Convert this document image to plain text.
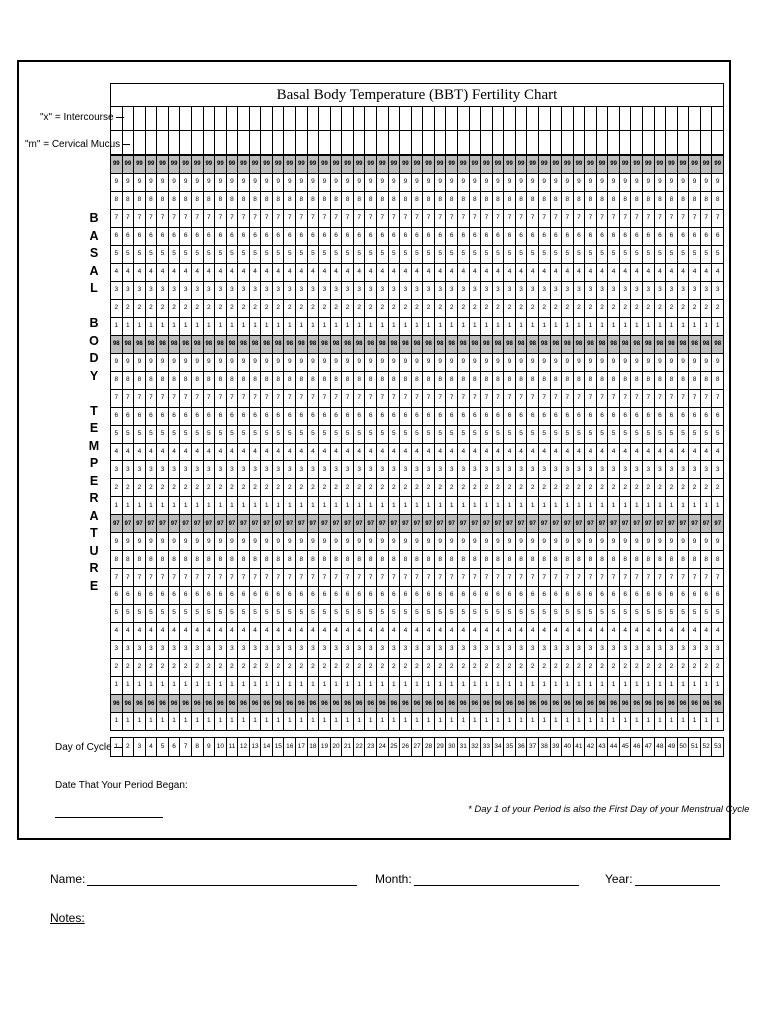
Basal Body Temperature (BBT) Fertility Chart
"x" = Intercourse
"m" = Cervical Mucus
B
A
S
A
L
B
O
D
Y
T
E
M
P
E
R
A
T
U
R
E
99 99 99 99 99 99 99 99 99 99 99 99 99 99 99 99 99 99 99 99 99 99 99 99 99 99 99 99 99 99 99 99 99 99 99 99 99 99 99 99 99 99 99 99 99 99 99 99 99 99 99 99 99
9	9	9	9	9	9	9	9	9	9	9	9	9	9	9	9	9	9	9	9	9	9	9	9	9	9	9	9	9	9	9	9	9	9	9	9	9	9	9	9	9	9	9	9	9	9	9	9	9	9	9	9	9
8	8	8	8	8	8	8	8	8	8	8	8	8	8	8	8	8	8	8	8	8	8	8	8	8	8	8	8	8	8	8	8	8	8	8	8	8	8	8	8	8	8	8	8	8	8	8	8	8	8	8	8	8
7	7	7	7	7	7	7	7	7	7	7	7	7	7	7	7	7	7	7	7	7	7	7	7	7	7	7	7	7	7	7	7	7	7	7	7	7	7	7	7	7	7	7	7	7	7	7	7	7	7	7	7	7
6	6	6	6	6	6	6	6	6	6	6	6	6	6	6	6	6	6	6	6	6	6	6	6	6	6	6	6	6	6	6	6	6	6	6	6	6	6	6	6	6	6	6	6	6	6	6	6	6	6	6	6	6
5	5	5	5	5	5	5	5	5	5	5	5	5	5	5	5	5	5	5	5	5	5	5	5	5	5	5	5	5	5	5	5	5	5	5	5	5	5	5	5	5	5	5	5	5	5	5	5	5	5	5	5	5
4	4	4	4	4	4	4	4	4	4	4	4	4	4	4	4	4	4	4	4	4	4	4	4	4	4	4	4	4	4	4	4	4	4	4	4	4	4	4	4	4	4	4	4	4	4	4	4	4	4	4	4	4
3	3	3	3	3	3	3	3	3	3	3	3	3	3	3	3	3	3	3	3	3	3	3	3	3	3	3	3	3	3	3	3	3	3	3	3	3	3	3	3	3	3	3	3	3	3	3	3	3	3	3	3	3
2	2	2	2	2	2	2	2	2	2	2	2	2	2	2	2	2	2	2	2	2	2	2	2	2	2	2	2	2	2	2	2	2	2	2	2	2	2	2	2	2	2	2	2	2	2	2	2	2	2	2	2	2
1	1	1	1	1	1	1	1	1	1	1	1	1	1	1	1	1	1	1	1	1	1	1	1	1	1	1	1	1	1	1	1	1	1	1	1	1	1	1	1	1	1	1	1	1	1	1	1	1	1	1	1	1
98 98 98 98 98 98 98 98 98 98 98 98 98 98 98 98 98 98 98 98 98 98 98 98 98 98 98 98 98 98 98 98 98 98 98 98 98 98 98 98 98 98 98 98 98 98 98 98 98 98 98 98 98
9	9	9	9	9	9	9	9	9	9	9	9	9	9	9	9	9	9	9	9	9	9	9	9	9	9	9	9	9	9	9	9	9	9	9	9	9	9	9	9	9	9	9	9	9	9	9	9	9	9	9	9	9
8	8	8	8	8	8	8	8	8	8	8	8	8	8	8	8	8	8	8	8	8	8	8	8	8	8	8	8	8	8	8	8	8	8	8	8	8	8	8	8	8	8	8	8	8	8	8	8	8	8	8	8	8
7	7	7	7	7	7	7	7	7	7	7	7	7	7	7	7	7	7	7	7	7	7	7	7	7	7	7	7	7	7	7	7	7	7	7	7	7	7	7	7	7	7	7	7	7	7	7	7	7	7	7	7	7
6	6	6	6	6	6	6	6	6	6	6	6	6	6	6	6	6	6	6	6	6	6	6	6	6	6	6	6	6	6	6	6	6	6	6	6	6	6	6	6	6	6	6	6	6	6	6	6	6	6	6	6	6
5	5	5	5	5	5	5	5	5	5	5	5	5	5	5	5	5	5	5	5	5	5	5	5	5	5	5	5	5	5	5	5	5	5	5	5	5	5	5	5	5	5	5	5	5	5	5	5	5	5	5	5	5
4	4	4	4	4	4	4	4	4	4	4	4	4	4	4	4	4	4	4	4	4	4	4	4	4	4	4	4	4	4	4	4	4	4	4	4	4	4	4	4	4	4	4	4	4	4	4	4	4	4	4	4	4
3	3	3	3	3	3	3	3	3	3	3	3	3	3	3	3	3	3	3	3	3	3	3	3	3	3	3	3	3	3	3	3	3	3	3	3	3	3	3	3	3	3	3	3	3	3	3	3	3	3	3	3	3
2	2	2	2	2	2	2	2	2	2	2	2	2	2	2	2	2	2	2	2	2	2	2	2	2	2	2	2	2	2	2	2	2	2	2	2	2	2	2	2	2	2	2	2	2	2	2	2	2	2	2	2	2
1	1	1	1	1	1	1	1	1	1	1	1	1	1	1	1	1	1	1	1	1	1	1	1	1	1	1	1	1	1	1	1	1	1	1	1	1	1	1	1	1	1	1	1	1	1	1	1	1	1	1	1	1
97 97 97 97 97 97 97 97 97 97 97 97 97 97 97 97 97 97 97 97 97 97 97 97 97 97 97 97 97 97 97 97 97 97 97 97 97 97 97 97 97 97 97 97 97 97 97 97 97 97 97 97 97
9	9	9	9	9	9	9	9	9	9	9	9	9	9	9	9	9	9	9	9	9	9	9	9	9	9	9	9	9	9	9	9	9	9	9	9	9	9	9	9	9	9	9	9	9	9	9	9	9	9	9	9	9
8	8	8	8	8	8	8	8	8	8	8	8	8	8	8	8	8	8	8	8	8	8	8	8	8	8	8	8	8	8	8	8	8	8	8	8	8	8	8	8	8	8	8	8	8	8	8	8	8	8	8	8	8
7	7	7	7	7	7	7	7	7	7	7	7	7	7	7	7	7	7	7	7	7	7	7	7	7	7	7	7	7	7	7	7	7	7	7	7	7	7	7	7	7	7	7	7	7	7	7	7	7	7	7	7	7
6	6	6	6	6	6	6	6	6	6	6	6	6	6	6	6	6	6	6	6	6	6	6	6	6	6	6	6	6	6	6	6	6	6	6	6	6	6	6	6	6	6	6	6	6	6	6	6	6	6	6	6	6
5	5	5	5	5	5	5	5	5	5	5	5	5	5	5	5	5	5	5	5	5	5	5	5	5	5	5	5	5	5	5	5	5	5	5	5	5	5	5	5	5	5	5	5	5	5	5	5	5	5	5	5	5
4	4	4	4	4	4	4	4	4	4	4	4	4	4	4	4	4	4	4	4	4	4	4	4	4	4	4	4	4	4	4	4	4	4	4	4	4	4	4	4	4	4	4	4	4	4	4	4	4	4	4	4	4
3	3	3	3	3	3	3	3	3	3	3	3	3	3	3	3	3	3	3	3	3	3	3	3	3	3	3	3	3	3	3	3	3	3	3	3	3	3	3	3	3	3	3	3	3	3	3	3	3	3	3	3	3
2	2	2	2	2	2	2	2	2	2	2	2	2	2	2	2	2	2	2	2	2	2	2	2	2	2	2	2	2	2	2	2	2	2	2	2	2	2	2	2	2	2	2	2	2	2	2	2	2	2	2	2	2
1	1	1	1	1	1	1	1	1	1	1	1	1	1	1	1	1	1	1	1	1	1	1	1	1	1	1	1	1	1	1	1	1	1	1	1	1	1	1	1	1	1	1	1	1	1	1	1	1	1	1	1	1
96 96 96 96 96 96 96 96 96 96 96 96 96 96 96 96 96 96 96 96 96 96 96 96 96 96 96 96 96 96 96 96 96 96 96 96 96 96 96 96 96 96 96 96 96 96 96 96 96 96 96 96 96
1	1	1	1	1	1	1	1	1	1	1	1	1	1	1	1	1	1	1	1	1	1	1	1	1	1	1	1	1	1	1	1	1	1	1	1	1	1	1	1	1	1	1	1	1	1	1	1	1	1	1	1	1
Day of Cycle 1	2	3	4	5	6	7	8	9 10 11 12 13 14 15 16 17 18 19 20 21 22 23 24 25 26 27 28 29 30 31 32 33 34 35 36 37 38 39 40 41 42 43 44 45 46 47 48 49 50 51 52 53
Date That Your Period Began:
* Day 1 of your Period is also the First Day of your Menstrual Cycle
Name:	Month:	Year:
Notes:
